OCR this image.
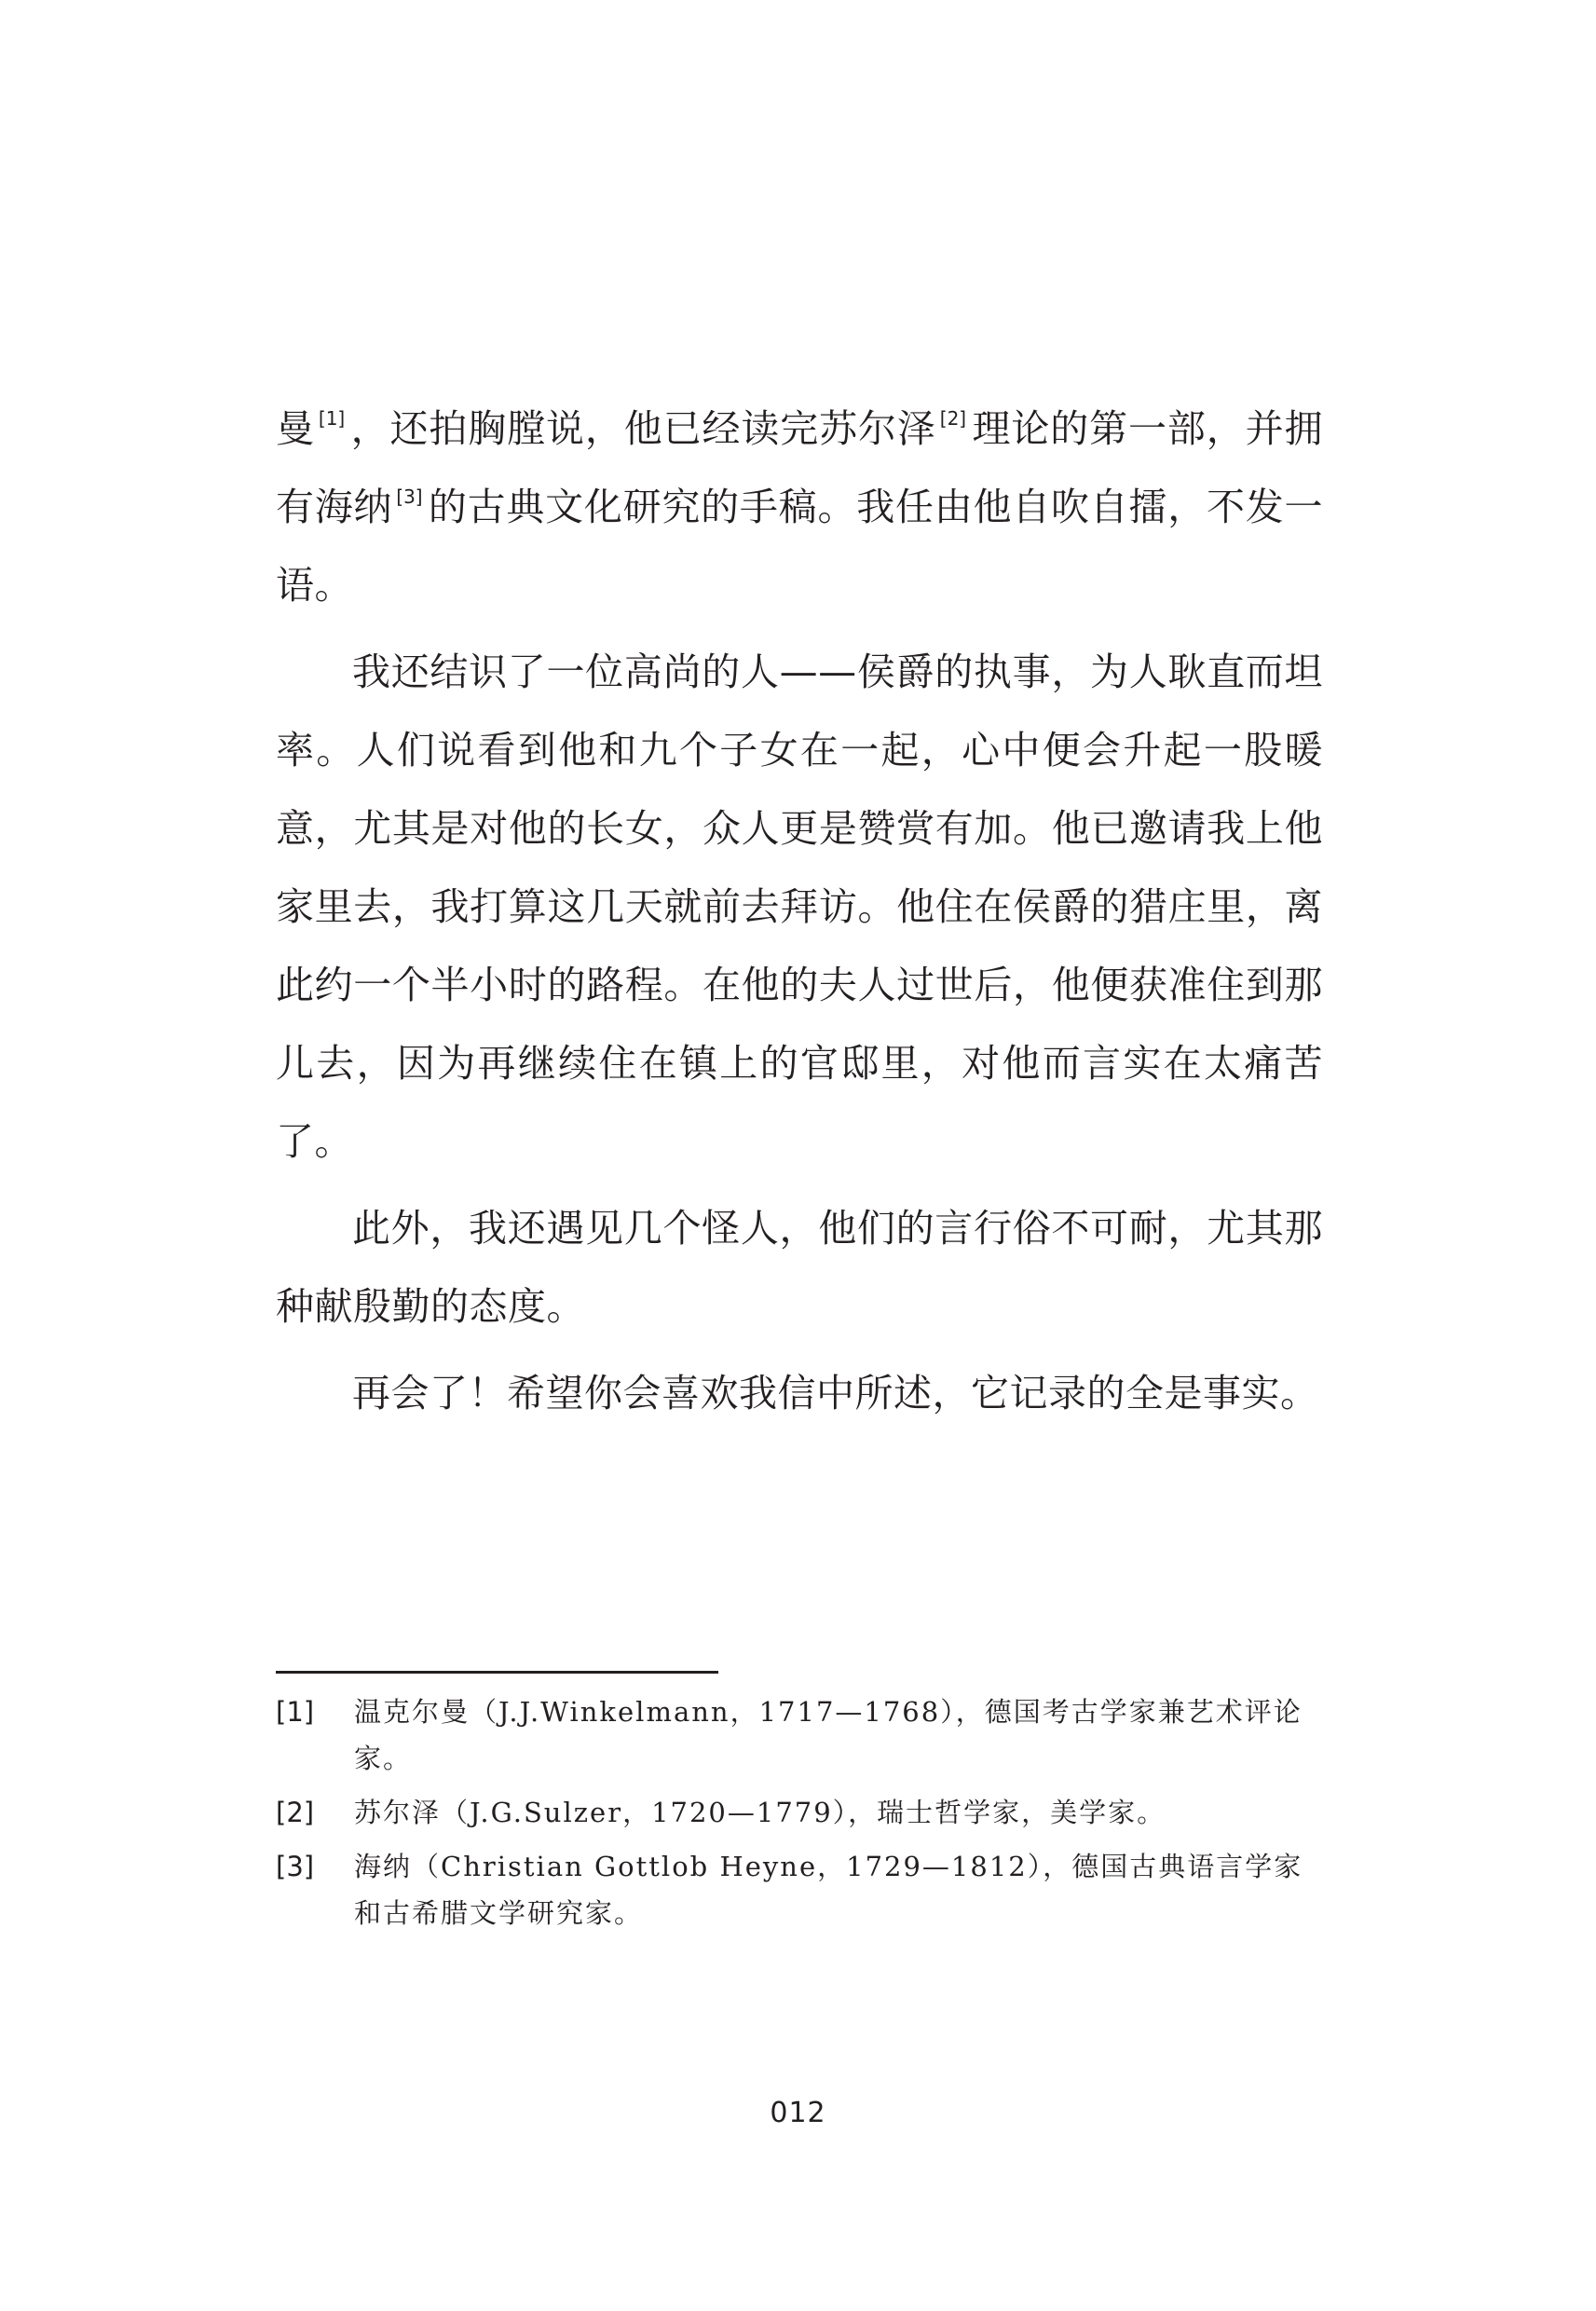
曼 [1] ，还拍胸膛说，他已经读完苏尔泽 [2] 理论的第一部，并拥有海纳 [3] 的古典文化研究的手稿。我任由他自吹自擂，不发一语。

我还结识了一位高尚的人——侯爵的执事，为人耿直而坦率。人们说看到他和九个子女在一起，心中便会升起一股暖意，尤其是对他的长女，众人更是赞赏有加。他已邀请我上他家里去，我打算这几天就前去拜访。他住在侯爵的猎庄里，离此约一个半小时的路程。在他的夫人过世后，他便获准住到那儿去，因为再继续住在镇上的官邸里，对他而言实在太痛苦了。

此外，我还遇见几个怪人，他们的言行俗不可耐，尤其那种献殷勤的态度。

再会了！希望你会喜欢我信中所述，它记录的全是事实。

[1]	温克尔曼（J.J.Winkelmann，1717—1768），德国考古学家兼艺术评论家。
[2]	苏尔泽（J.G.Sulzer，1720—1779），瑞士哲学家，美学家。
[3]	海纳（Christian Gottlob Heyne，1729—1812），德国古典语言学家和古希腊文学研究家。
012
